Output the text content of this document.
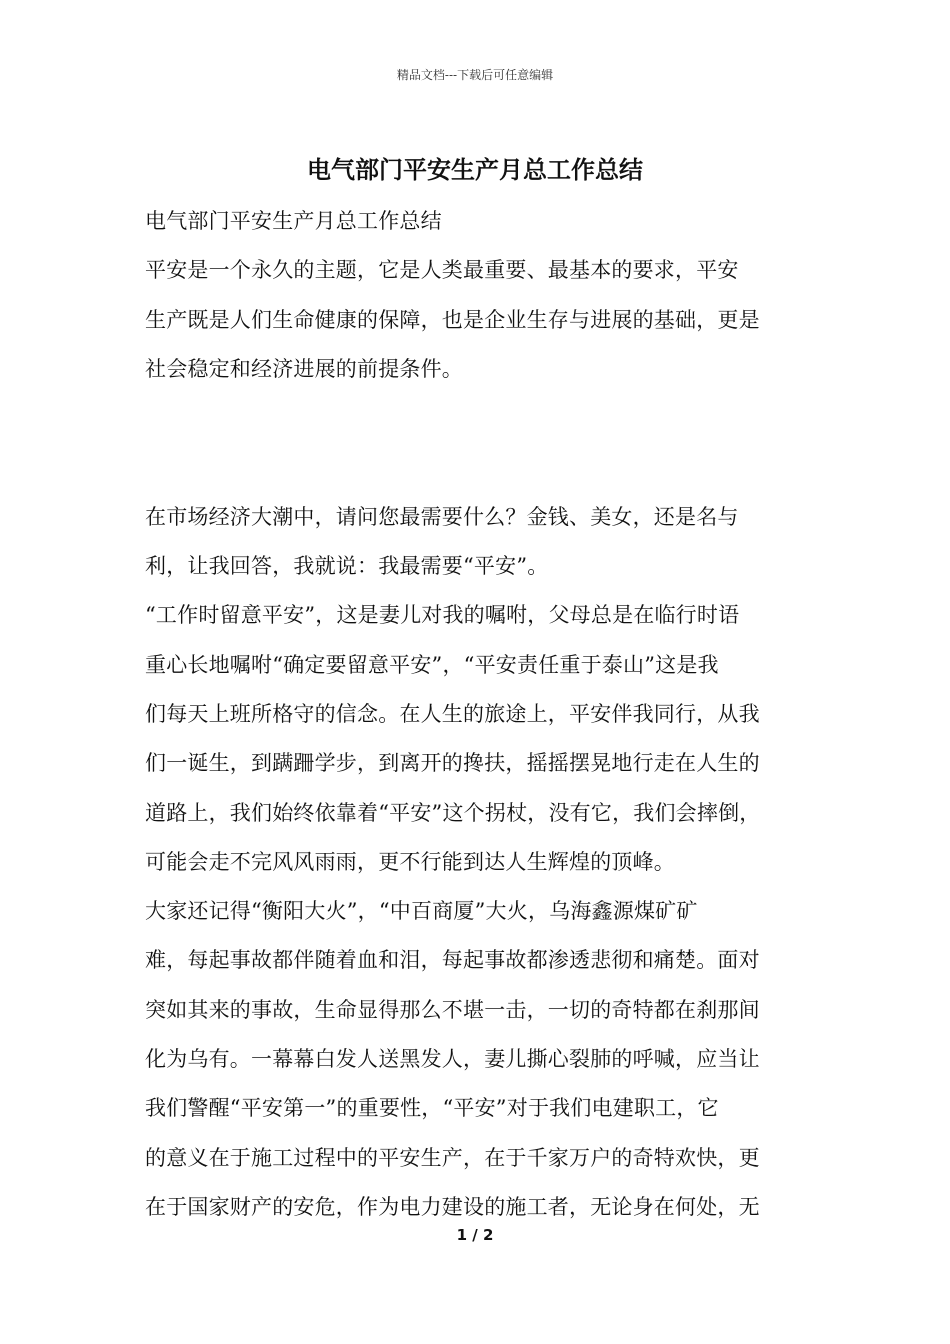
精品文档---下载后可任意编辑
电气部门平安生产月总工作总结
电气部门平安生产月总工作总结
平安是一个永久的主题，它是人类最重要、最基本的要求，平安
生产既是人们生命健康的保障，也是企业生存与进展的基础，更是
社会稳定和经济进展的前提条件。
在市场经济大潮中，请问您最需要什么？金钱、美女，还是名与
利，让我回答，我就说：我最需要“平安”。
“工作时留意平安”，这是妻儿对我的嘱咐，父母总是在临行时语
重心长地嘱咐“确定要留意平安”，“平安责任重于泰山”这是我
们每天上班所格守的信念。在人生的旅途上，平安伴我同行，从我
们一诞生，到蹒跚学步，到离开的搀扶，摇摇摆晃地行走在人生的
道路上，我们始终依靠着“平安”这个拐杖，没有它，我们会摔倒，
可能会走不完风风雨雨，更不行能到达人生辉煌的顶峰。
大家还记得“衡阳大火”，“中百商厦”大火，乌海鑫源煤矿矿
难，每起事故都伴随着血和泪，每起事故都渗透悲彻和痛楚。面对
突如其来的事故，生命显得那么不堪一击，一切的奇特都在刹那间
化为乌有。一幕幕白发人送黑发人，妻儿撕心裂肺的呼喊，应当让
我们警醒“平安第一”的重要性，“平安”对于我们电建职工，它
的意义在于施工过程中的平安生产，在于千家万户的奇特欢快，更
在于国家财产的安危，作为电力建设的施工者，无论身在何处，无
1 / 2
